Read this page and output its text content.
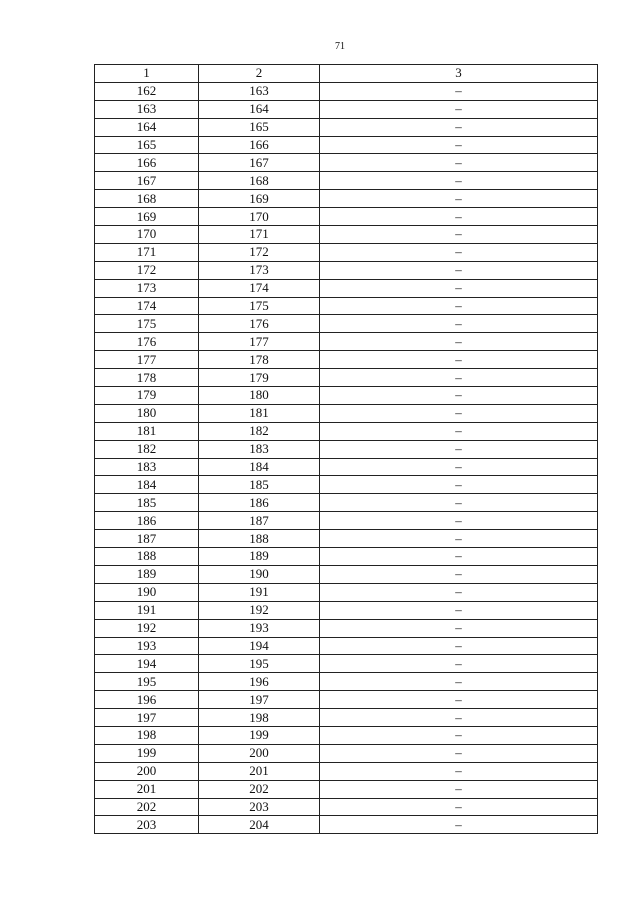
71
1	2	3
162	163	–
163	164	–
164	165	–
165	166	–
166	167	–
167	168	–
168	169	–
169	170	–
170	171	–
171	172	–
172	173	–
173	174	–
174	175	–
175	176	–
176	177	–
177	178	–
178	179	–
179	180	–
180	181	–
181	182	–
182	183	–
183	184	–
184	185	–
185	186	–
186	187	–
187	188	–
188	189	–
189	190	–
190	191	–
191	192	–
192	193	–
193	194	–
194	195	–
195	196	–
196	197	–
197	198	–
198	199	–
199	200	–
200	201	–
201	202	–
202	203	–
203	204	–
